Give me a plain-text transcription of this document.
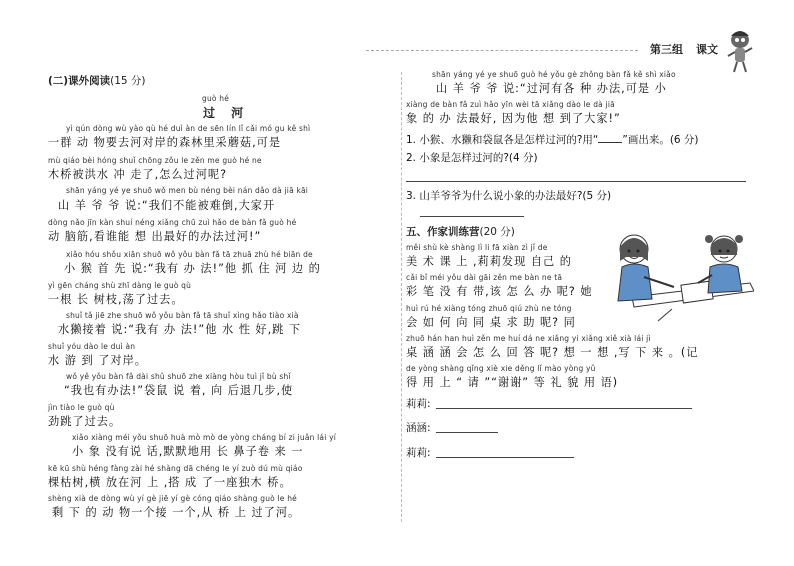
第三组 课文
(二)课外阅读(15 分)
guò hé
过 河
yì qún dòng wù yào qù hé duì àn de sēn lín lǐ cǎi mó gu kě shì
一群 动 物要去河对岸的森林里采蘑菇,可是
mù qiáo bèi hóng shuǐ chōng zǒu le zěn me guò hé ne
木桥被洪水 冲 走了,怎么过河呢?
shān yáng yé ye shuō wǒ men bù néng bèi nán dǎo dà jiā kāi
山 羊 爷 爷 说:“我们不能被难倒,大家开
dòng nǎo jīn kàn shuí néng xiǎng chū zuì hǎo de bàn fǎ guò hé
动 脑筋,看谁能 想 出最好的办法过河!”
xiǎo hóu shǒu xiān shuō wǒ yǒu bàn fǎ tā zhuā zhù hé biān de
小 猴 首 先 说:“我有 办 法!”他 抓 住 河 边 的
yì gēn cháng shù zhī dàng le guò qù
一根 长 树枝,荡了过去。
shuǐ tǎ jiē zhe shuō wǒ yǒu bàn fǎ tā shuǐ xìng hǎo tiào xià
水獭接着 说:“我有 办 法!”他 水 性 好,跳 下
shuǐ yóu dào le duì àn
水 游 到 了对岸。
wǒ yě yǒu bàn fǎ dài shǔ shuō zhe xiàng hòu tuì jǐ bù shǐ
“我也有办法!”袋鼠 说 着, 向 后退几步,使
jìn tiào le guò qù
劲跳了过去。
xiǎo xiàng méi yǒu shuō huà mò mò de yòng cháng bí zi juǎn lái yí
小 象 没有说 话,默默地用 长 鼻子卷 来 一
kē kū shù héng fàng zài hé shàng dā chéng le yí zuò dú mù qiáo
棵枯树,横 放在河 上 ,搭 成 了一座独木 桥。
shèng xià de dòng wù yí gè jiē yí gè cóng qiáo shàng guò le hé
剩 下 的 动 物一个接 一个,从 桥 上 过了河。
shān yáng yé ye shuō guò hé yǒu gè zhǒng bàn fǎ kě shì xiǎo
山 羊 爷 爷 说:“过河有各 种 办法,可是 小
xiàng de bàn fǎ zuì hǎo yīn wèi tā xiǎng dào le dà jiā
象 的 办 法最好, 因为他 想 到了大家!”
1. 小猴、水獭和袋鼠各是怎样过河的?用“ ”画出来。(6 分)
2. 小象是怎样过河的?(4 分)
3. 山羊爷爷为什么说小象的办法最好?(5 分)
五、作家训练营(20 分)
měi shù kè shàng lì li fā xiàn zì jǐ de
美 术 课 上 ,莉莉发现 自己 的
cǎi bǐ méi yǒu dài gāi zěn me bàn ne tā
彩 笔 没 有 带,该 怎 么 办 呢? 她
huì rú hé xiàng tóng zhuō qiú zhù ne tóng
会 如 何 向 同 桌 求 助 呢? 同
zhuō hán han huì zěn me huí dá ne xiǎng yi xiǎng xiě xià lái jì
桌 涵 涵 会 怎 么 回 答 呢? 想 一 想 ,写 下 来 。(记
de yòng shàng qǐng xiè xie děng lǐ mào yòng yǔ
得 用 上 “ 请 ”“谢谢” 等 礼 貌 用 语)
莉莉:
涵涵:
莉莉:
